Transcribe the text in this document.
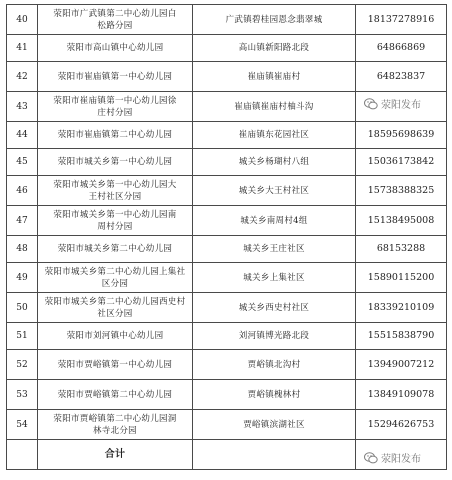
40	荥阳市广武镇第二中心幼儿园白
松路分园	广武镇碧桂园恩念翡翠城	18137278916
41	荥阳市高山镇中心幼儿园	高山镇新阳路北段	64866869
42	荥阳市崔庙镇第一中心幼儿园	崔庙镇崔庙村	64823837
43	荥阳市崔庙镇第一中心幼儿园徐
庄村分园	崔庙镇崔庙村柚斗沟	
44	荥阳市崔庙镇第二中心幼儿园	崔庙镇东花园社区	18595698639
45	荥阳市城关乡第一中心幼儿园	城关乡杨瑚村八组	15036173842
46	荥阳市城关乡第一中心幼儿园大
王村社区分园	城关乡大王村社区	15738388325
47	荥阳市城关乡第一中心幼儿园南
周村分园	城关乡南周村4组	15138495008
48	荥阳市城关乡第二中心幼儿园	城关乡王庄社区	68153288
49	荥阳市城关乡第二中心幼儿园上集社
区分园	城关乡上集社区	15890115200
50	荥阳市城关乡第二中心幼儿园西史村
社区分园	城关乡西史村社区	18339210109
51	荥阳市刘河镇中心幼儿园	刘河镇博光路北段	15515838790
52	荥阳市贾峪镇第一中心幼儿园	贾峪镇北沟村	13949007212
53	荥阳市贾峪镇第二中心幼儿园	贾峪镇槐林村	13849109078
54	荥阳市贾峪镇第二中心幼儿园洞
林寺北分园	贾峪镇滨湖社区	15294626753
	合计		
荥阳发布
荥阳发布
